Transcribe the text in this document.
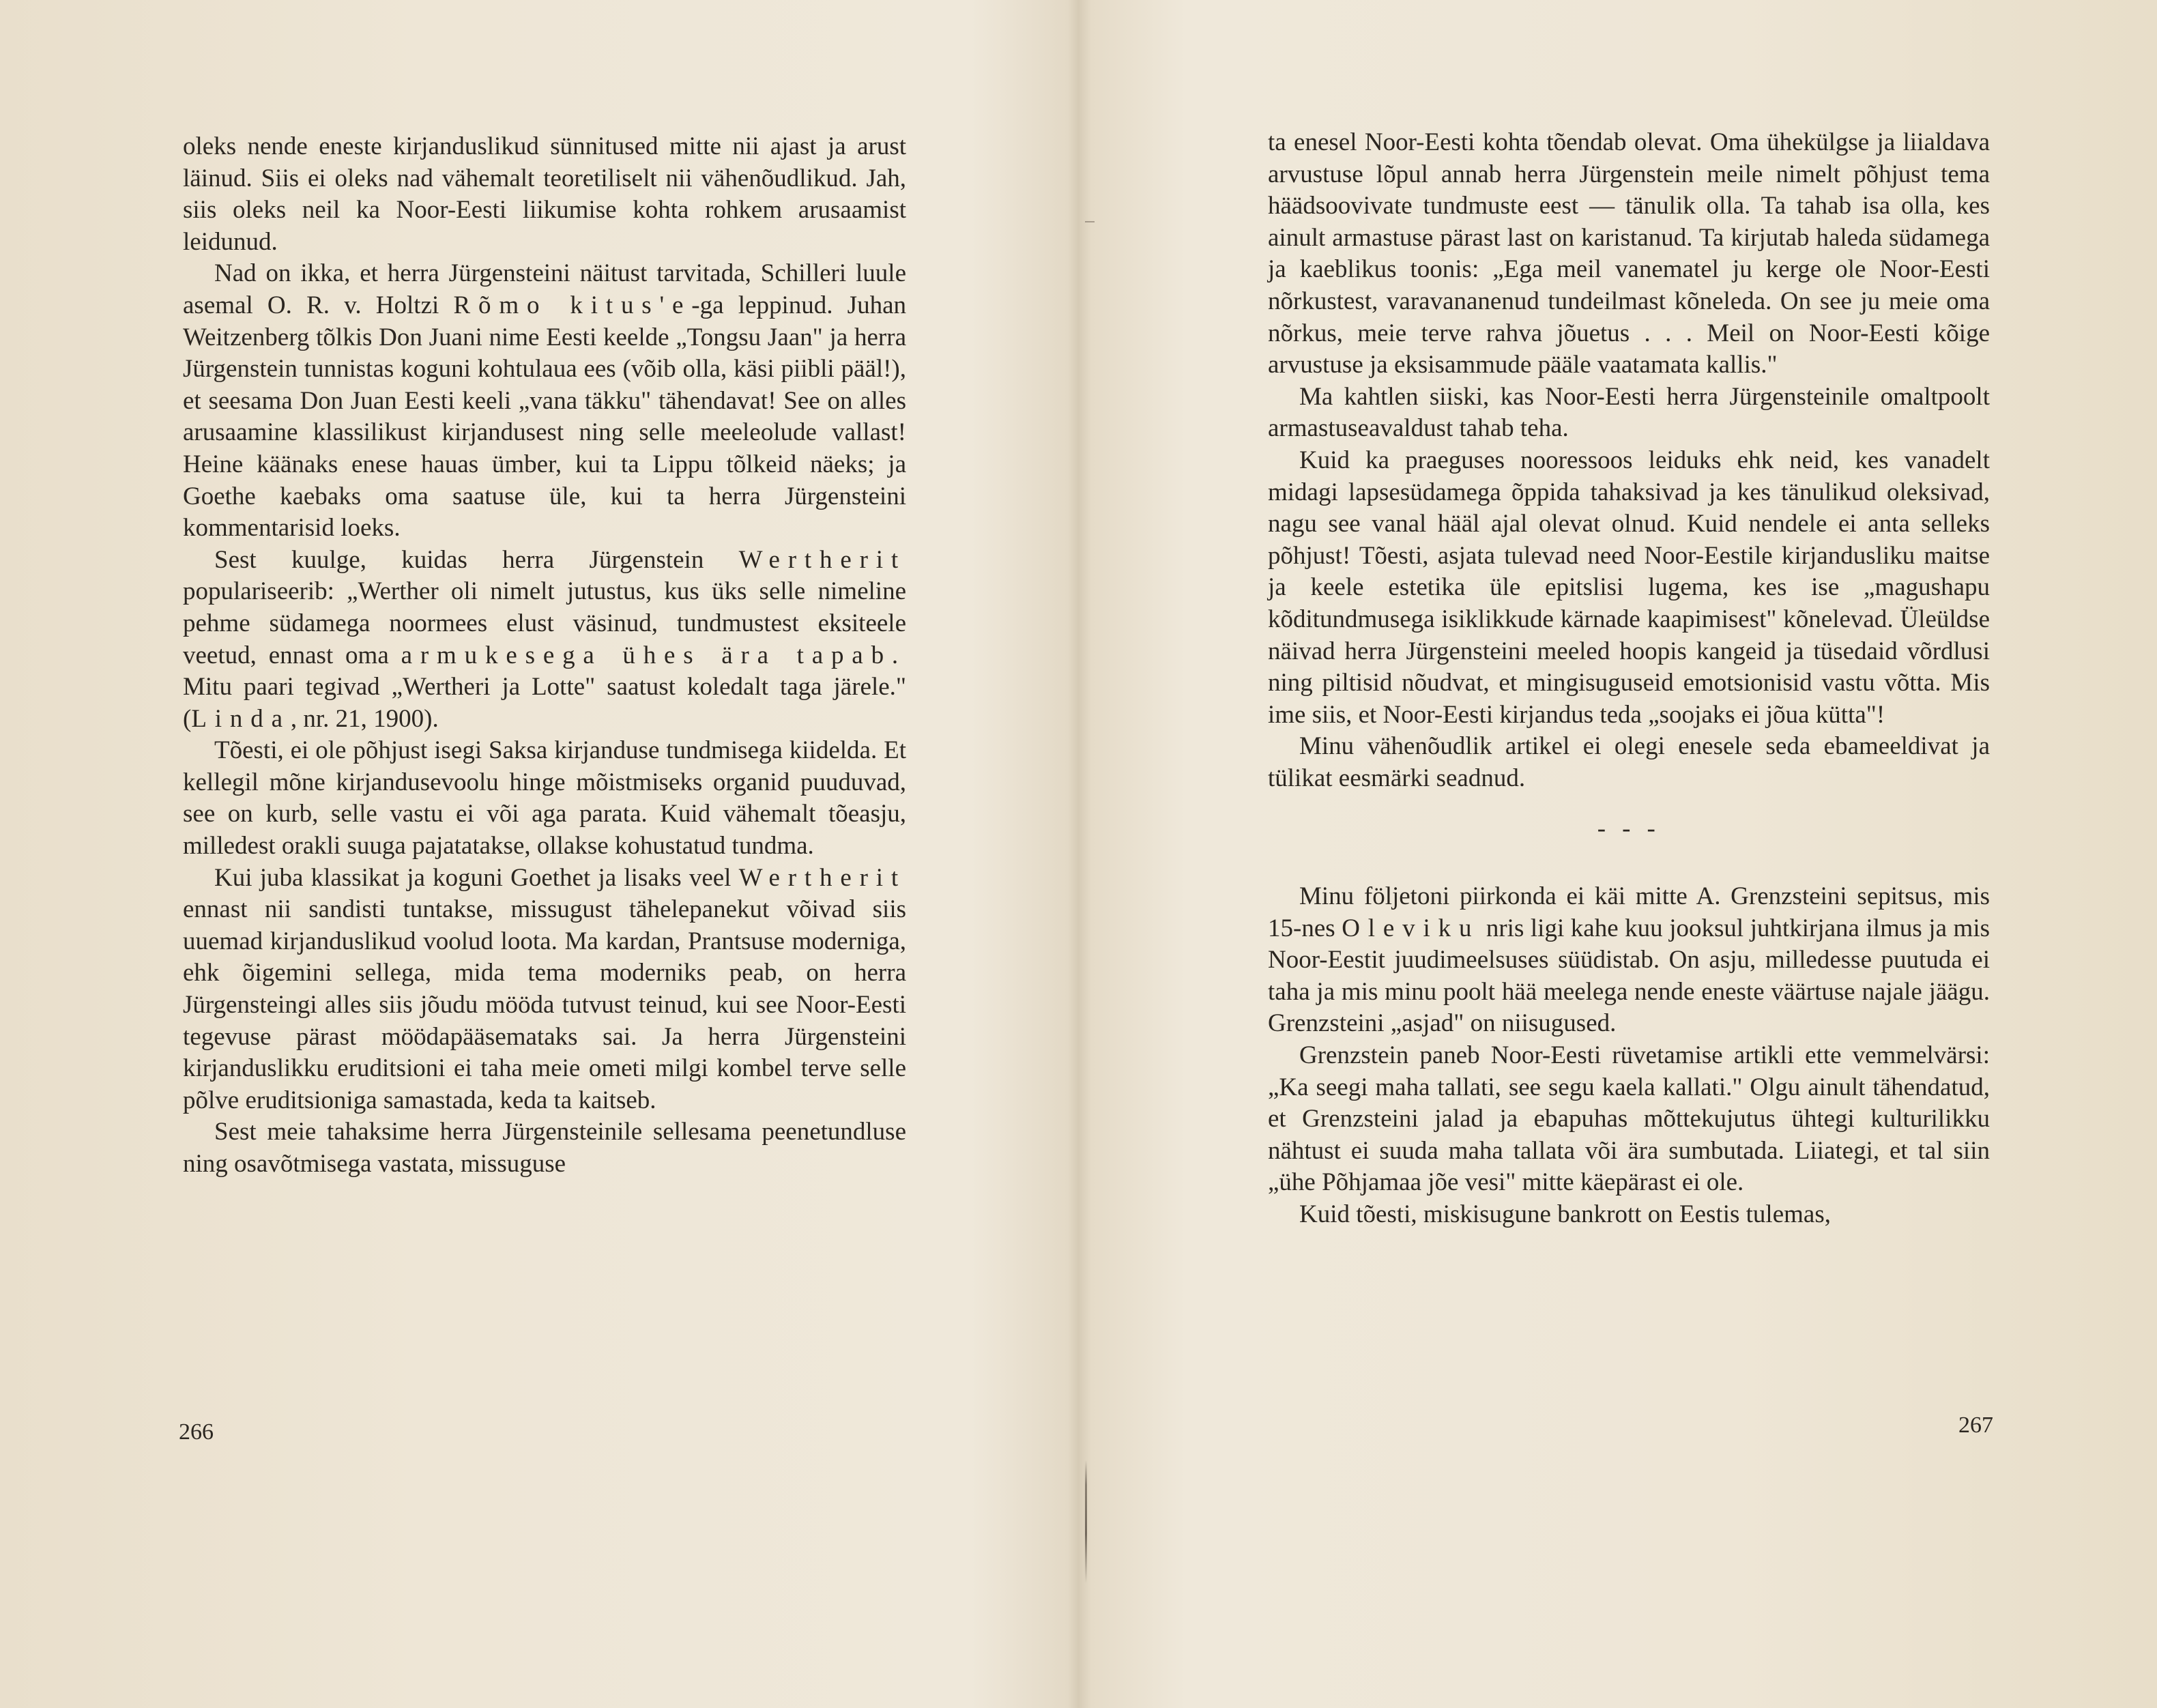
oleks nende eneste kirjanduslikud sünnitused mitte nii ajast ja arust läinud. Siis ei oleks nad vähemalt teoretiliselt nii vähenõudlikud. Jah, siis oleks neil ka Noor-Eesti liikumise kohta rohkem arusaamist leidunud.

Nad on ikka, et herra Jürgensteini näitust tarvitada, Schilleri luule asemal O. R. v. Holtzi Rõmo kitus'e-ga leppinud. Juhan Weitzenberg tõlkis Don Juani nime Eesti keelde „Tongsu Jaan" ja herra Jürgenstein tunnistas koguni kohtulaua ees (võib olla, käsi piibli pääl!), et seesama Don Juan Eesti keeli „vana täkku" tähendavat! See on alles arusaamine klassilikust kirjandusest ning selle meeleolude vallast! Heine käänaks enese hauas ümber, kui ta Lippu tõlkeid näeks; ja Goethe kaebaks oma saatuse üle, kui ta herra Jürgensteini kommentarisid loeks.

Sest kuulge, kuidas herra Jürgenstein Wertherit populariseerib: „Werther oli nimelt jutustus, kus üks selle nimeline pehme südamega noormees elust väsinud, tundmustest eksiteele veetud, ennast oma armukesega ühes ära tapab. Mitu paari tegivad „Wertheri ja Lotte" saatust koledalt taga järele." (Linda, nr. 21, 1900).

Tõesti, ei ole põhjust isegi Saksa kirjanduse tundmisega kiidelda. Et kellegil mõne kirjandusevoolu hinge mõistmiseks organid puuduvad, see on kurb, selle vastu ei või aga parata. Kuid vähemalt tõeasju, milledest orakli suuga pajatatakse, ollakse kohustatud tundma.

Kui juba klassikat ja koguni Goethet ja lisaks veel Wertherit ennast nii sandisti tuntakse, missugust tähelepanekut võivad siis uuemad kirjanduslikud voolud loota. Ma kardan, Prantsuse moderniga, ehk õigemini sellega, mida tema moderniks peab, on herra Jürgensteingi alles siis jõudu mööda tutvust teinud, kui see Noor-Eesti tegevuse pärast möödapääsemataks sai. Ja herra Jürgensteini kirjanduslikku eruditsioni ei taha meie ometi milgi kombel terve selle põlve eruditsioniga samastada, keda ta kaitseb.

Sest meie tahaksime herra Jürgensteinile sellesama peenetundluse ning osavõtmisega vastata, missuguse

266

ta enesel Noor-Eesti kohta tõendab olevat. Oma ühekülgse ja liialdava arvustuse lõpul annab herra Jürgenstein meile nimelt põhjust tema häädsoovivate tundmuste eest — tänulik olla. Ta tahab isa olla, kes ainult armastuse pärast last on karistanud. Ta kirjutab haleda südamega ja kaeblikus toonis: „Ega meil vanematel ju kerge ole Noor-Eesti nõrkustest, varavananenud tundeilmast kõneleda. On see ju meie oma nõrkus, meie terve rahva jõuetus . . . Meil on Noor-Eesti kõige arvustuse ja eksisammude pääle vaatamata kallis."

Ma kahtlen siiski, kas Noor-Eesti herra Jürgensteinile omaltpoolt armastuseavaldust tahab teha.

Kuid ka praeguses nooressoos leiduks ehk neid, kes vanadelt midagi lapsesüdamega õppida tahaksivad ja kes tänulikud oleksivad, nagu see vanal hääl ajal olevat olnud. Kuid nendele ei anta selleks põhjust! Tõesti, asjata tulevad need Noor-Eestile kirjandusliku maitse ja keele estetika üle epitslisi lugema, kes ise „magushapu kõditundmusega isiklikkude kärnade kaapimisest" kõnelevad. Üleüldse näivad herra Jürgensteini meeled hoopis kangeid ja tüsedaid võrdlusi ning piltisid nõudvat, et mingisuguseid emotsionisid vastu võtta. Mis ime siis, et Noor-Eesti kirjandus teda „soojaks ei jõua kütta"!

Minu vähenõudlik artikel ei olegi enesele seda ebameeldivat ja tülikat eesmärki seadnud.

- - -

Minu följetoni piirkonda ei käi mitte A. Grenzsteini sepitsus, mis 15-nes Oleviku nris ligi kahe kuu jooksul juhtkirjana ilmus ja mis Noor-Eestit juudimeelsuses süüdistab. On asju, milledesse puutuda ei taha ja mis minu poolt hää meelega nende eneste väärtuse najale jäägu. Grenzsteini „asjad" on niisugused.

Grenzstein paneb Noor-Eesti rüvetamise artikli ette vemmelvärsi: „Ka seegi maha tallati, see segu kaela kallati." Olgu ainult tähendatud, et Grenzsteini jalad ja ebapuhas mõttekujutus ühtegi kulturilikku nähtust ei suuda maha tallata või ära sumbutada. Liiategi, et tal siin „ühe Põhjamaa jõe vesi" mitte käepärast ei ole.

Kuid tõesti, miskisugune bankrott on Eestis tulemas,

267
